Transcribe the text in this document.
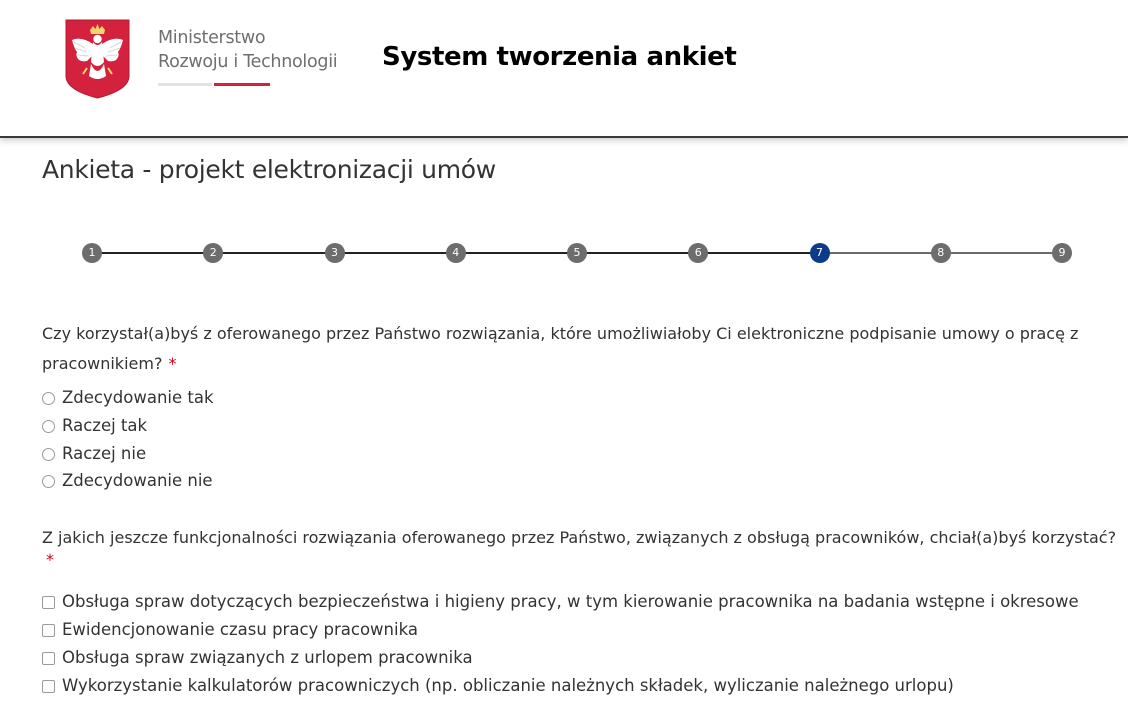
Ministerstwo
Rozwoju i Technologii System tworzenia ankiet
Ankieta - projekt elektronizacji umów
1	2	3	4	5	6	7	8	9
Czy korzystał(a)byś z oferowanego przez Państwo rozwiązania, które umożliwiałoby Ci elektroniczne podpisanie umowy o pracę z
pracownikiem? *
Zdecydowanie tak
Raczej tak
Raczej nie
Zdecydowanie nie
Z jakich jeszcze funkcjonalności rozwiązania oferowanego przez Państwo, związanych z obsługą pracowników, chciał(a)byś korzystać?
*
Obsługa spraw dotyczących bezpieczeństwa i higieny pracy, w tym kierowanie pracownika na badania wstępne i okresowe
Ewidencjonowanie czasu pracy pracownika
Obsługa spraw związanych z urlopem pracownika
Wykorzystanie kalkulatorów pracowniczych (np. obliczanie należnych składek, wyliczanie należnego urlopu)
